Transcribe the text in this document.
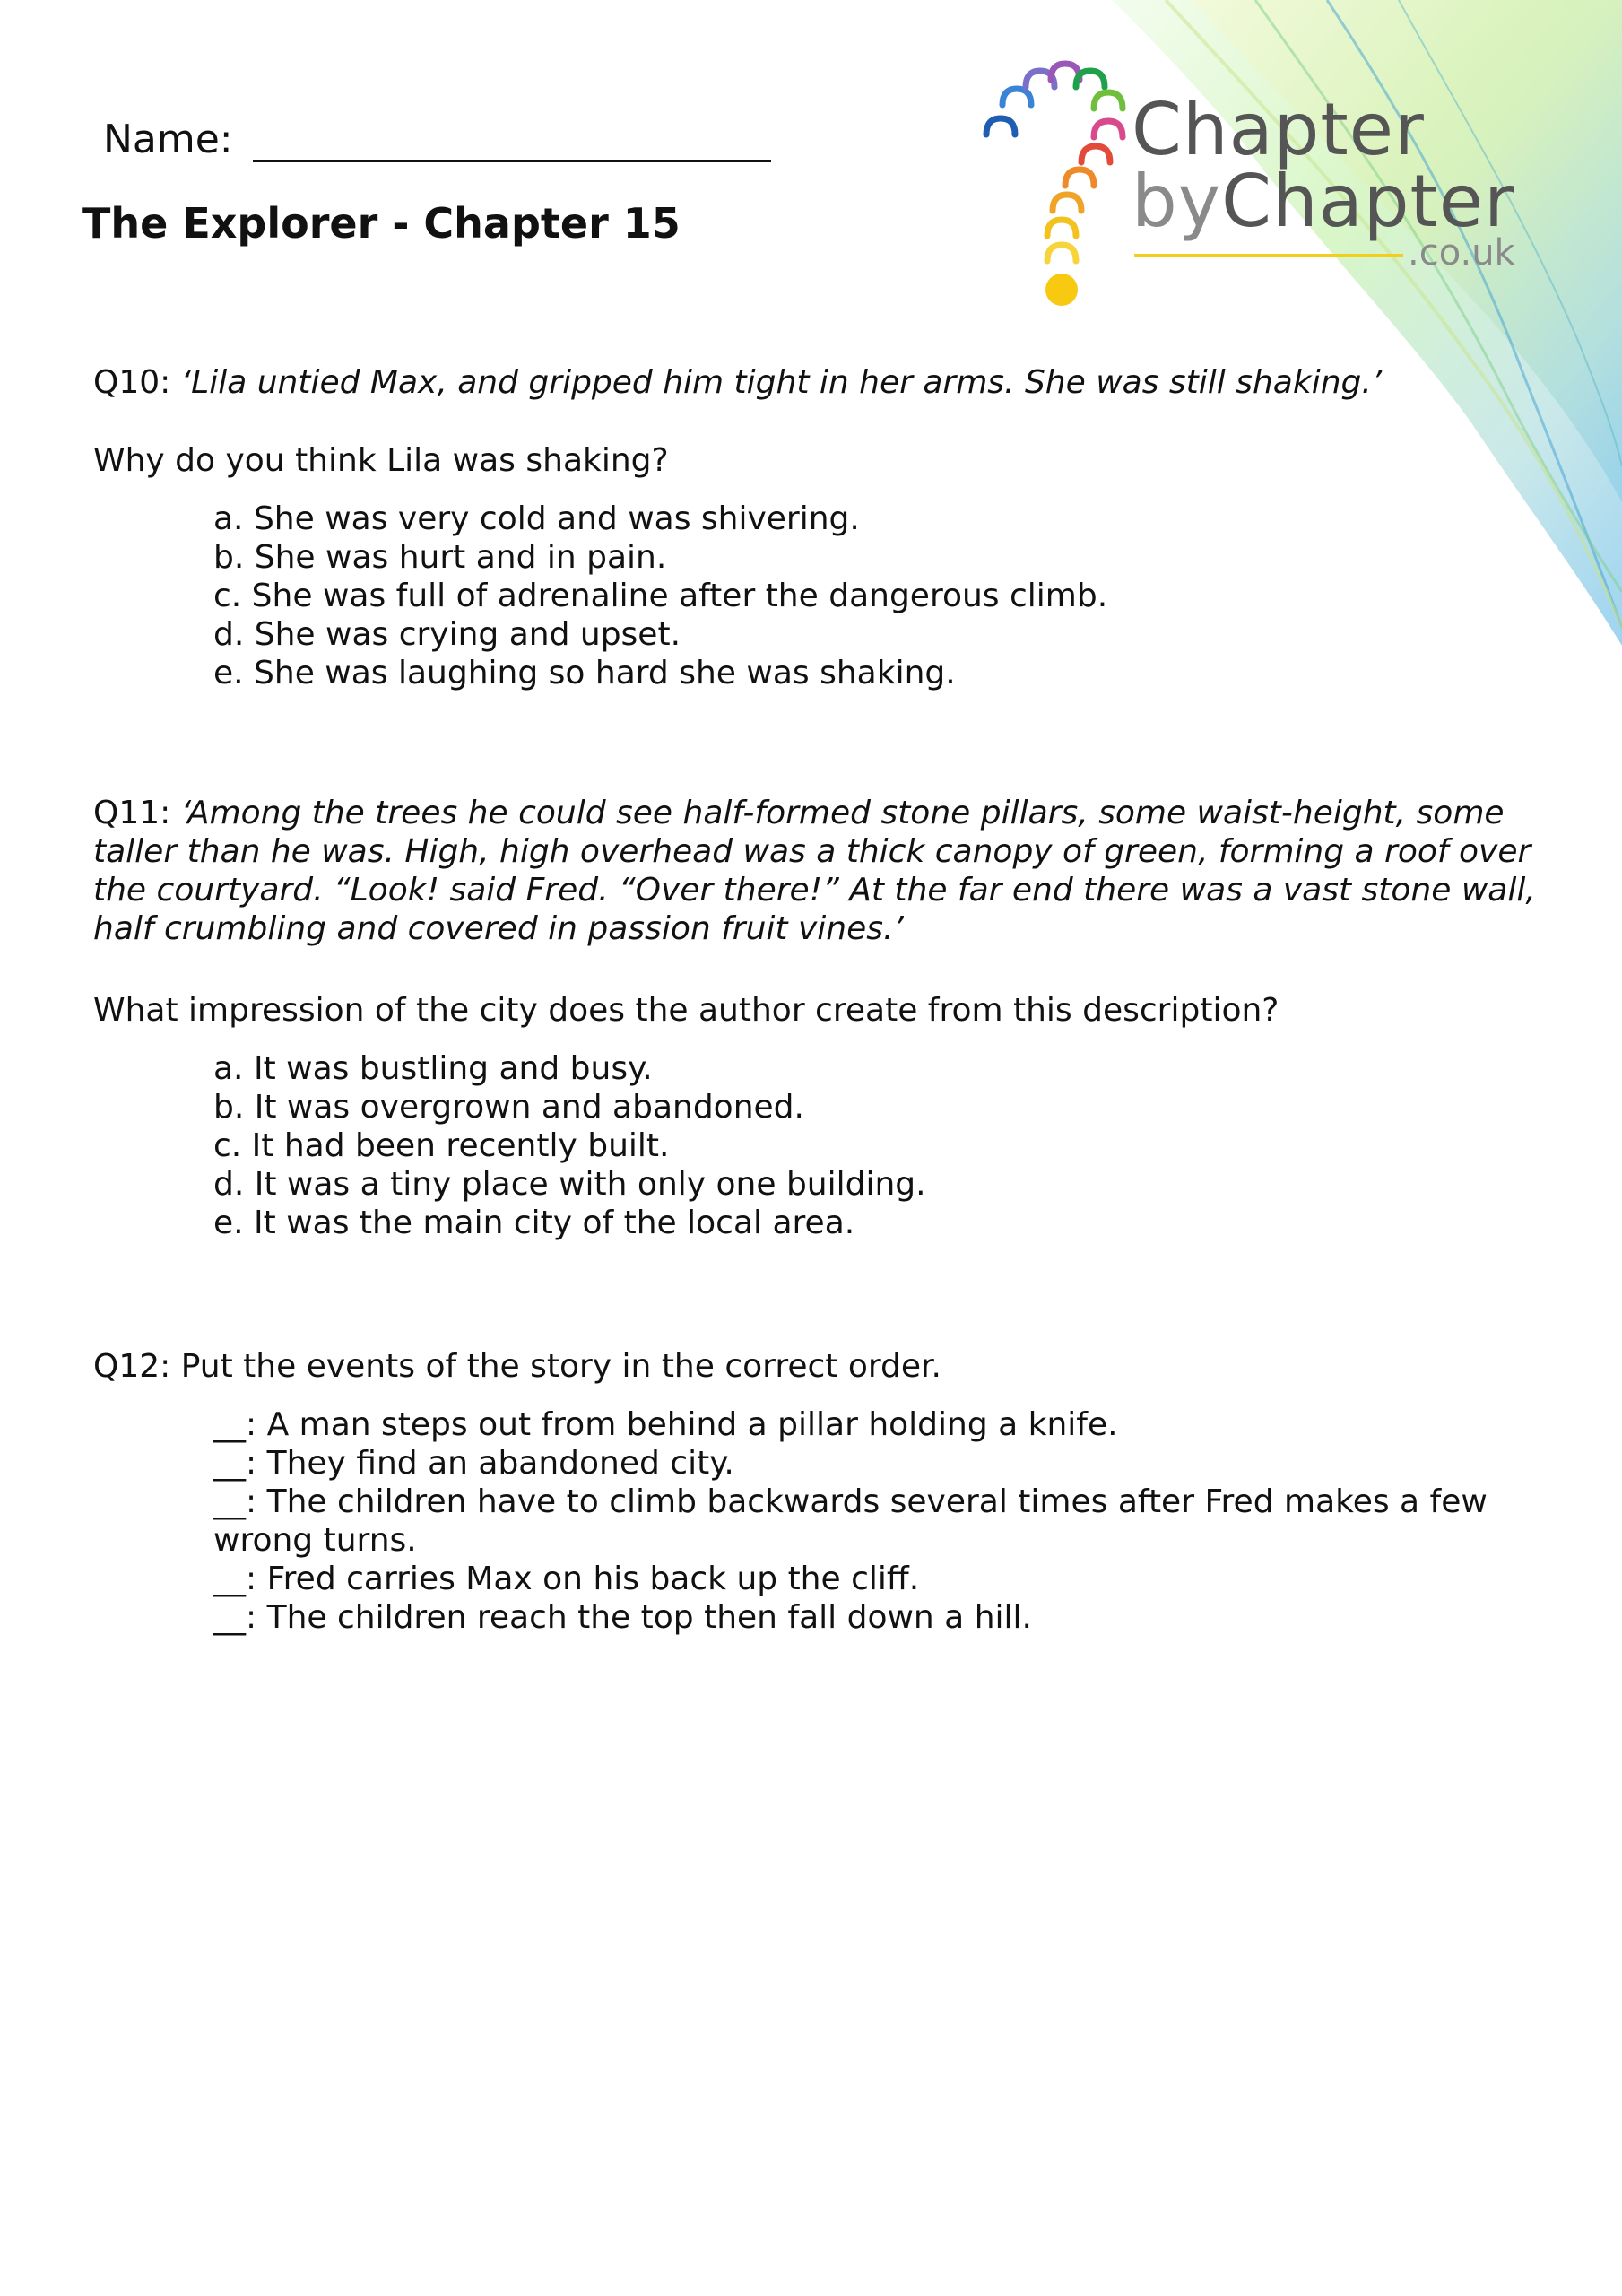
Name:
The Explorer - Chapter 15
Chapter
byChapter
.co.uk
Q10: ‘Lila untied Max, and gripped him tight in her arms. She was still shaking.’
Why do you think Lila was shaking?
a. She was very cold and was shivering.
b. She was hurt and in pain.
c. She was full of adrenaline after the dangerous climb.
d. She was crying and upset.
e. She was laughing so hard she was shaking.
Q11: ‘Among the trees he could see half-formed stone pillars, some waist-height, some taller than he was. High, high overhead was a thick canopy of green, forming a roof over the courtyard. “Look! said Fred. “Over there!” At the far end there was a vast stone wall, half crumbling and covered in passion fruit vines.’
What impression of the city does the author create from this description?
a. It was bustling and busy.
b. It was overgrown and abandoned.
c. It had been recently built.
d. It was a tiny place with only one building.
e. It was the main city of the local area.
Q12: Put the events of the story in the correct order.
__: A man steps out from behind a pillar holding a knife.
__: They find an abandoned city.
__: The children have to climb backwards several times after Fred makes a few wrong turns.
__: Fred carries Max on his back up the cliff.
__: The children reach the top then fall down a hill.
